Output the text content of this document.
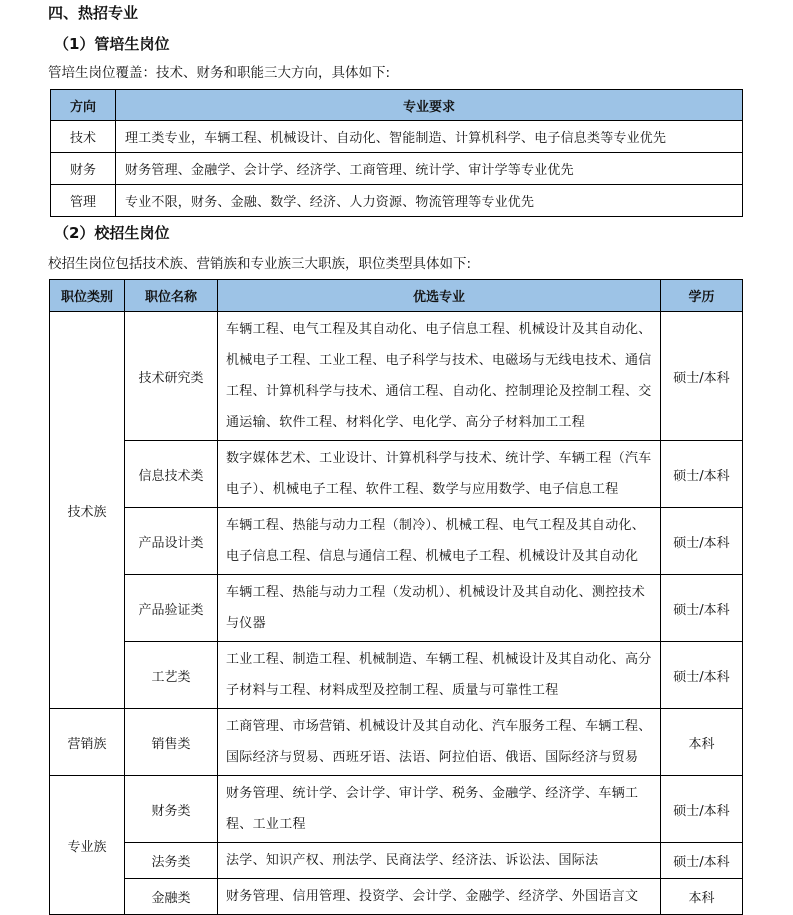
四、热招专业
（1）管培生岗位
管培生岗位覆盖：技术、财务和职能三大方向，具体如下:
方向	专业要求
技术	理工类专业，车辆工程、机械设计、自动化、智能制造、计算机科学、电子信息类等专业优先
财务	财务管理、金融学、会计学、经济学、工商管理、统计学、审计学等专业优先
管理	专业不限，财务、金融、数学、经济、人力资源、物流管理等专业优先
（2）校招生岗位
校招生岗位包括技术族、营销族和专业族三大职族，职位类型具体如下:
职位类别	职位名称	优选专业	学历
技术族	技术研究类	车辆工程、电气工程及其自动化、电子信息工程、机械设计及其自动化、机械电子工程、工业工程、电子科学与技术、电磁场与无线电技术、通信工程、计算机科学与技术、通信工程、自动化、控制理论及控制工程、交通运输、软件工程、材料化学、电化学、高分子材料加工工程	硕士/本科
	信息技术类	数字媒体艺术、工业设计、计算机科学与技术、统计学、车辆工程（汽车电子）、机械电子工程、软件工程、数学与应用数学、电子信息工程	硕士/本科
	产品设计类	车辆工程、热能与动力工程（制冷）、机械工程、电气工程及其自动化、电子信息工程、信息与通信工程、机械电子工程、机械设计及其自动化	硕士/本科
	产品验证类	车辆工程、热能与动力工程（发动机）、机械设计及其自动化、测控技术与仪器	硕士/本科
	工艺类	工业工程、制造工程、机械制造、车辆工程、机械设计及其自动化、高分子材料与工程、材料成型及控制工程、质量与可靠性工程	硕士/本科
营销族	销售类	工商管理、市场营销、机械设计及其自动化、汽车服务工程、车辆工程、国际经济与贸易、西班牙语、法语、阿拉伯语、俄语、国际经济与贸易	本科
专业族	财务类	财务管理、统计学、会计学、审计学、税务、金融学、经济学、车辆工程、工业工程	硕士/本科
	法务类	法学、知识产权、刑法学、民商法学、经济法、诉讼法、国际法	硕士/本科
	金融类	财务管理、信用管理、投资学、会计学、金融学、经济学、外国语言文	本科
